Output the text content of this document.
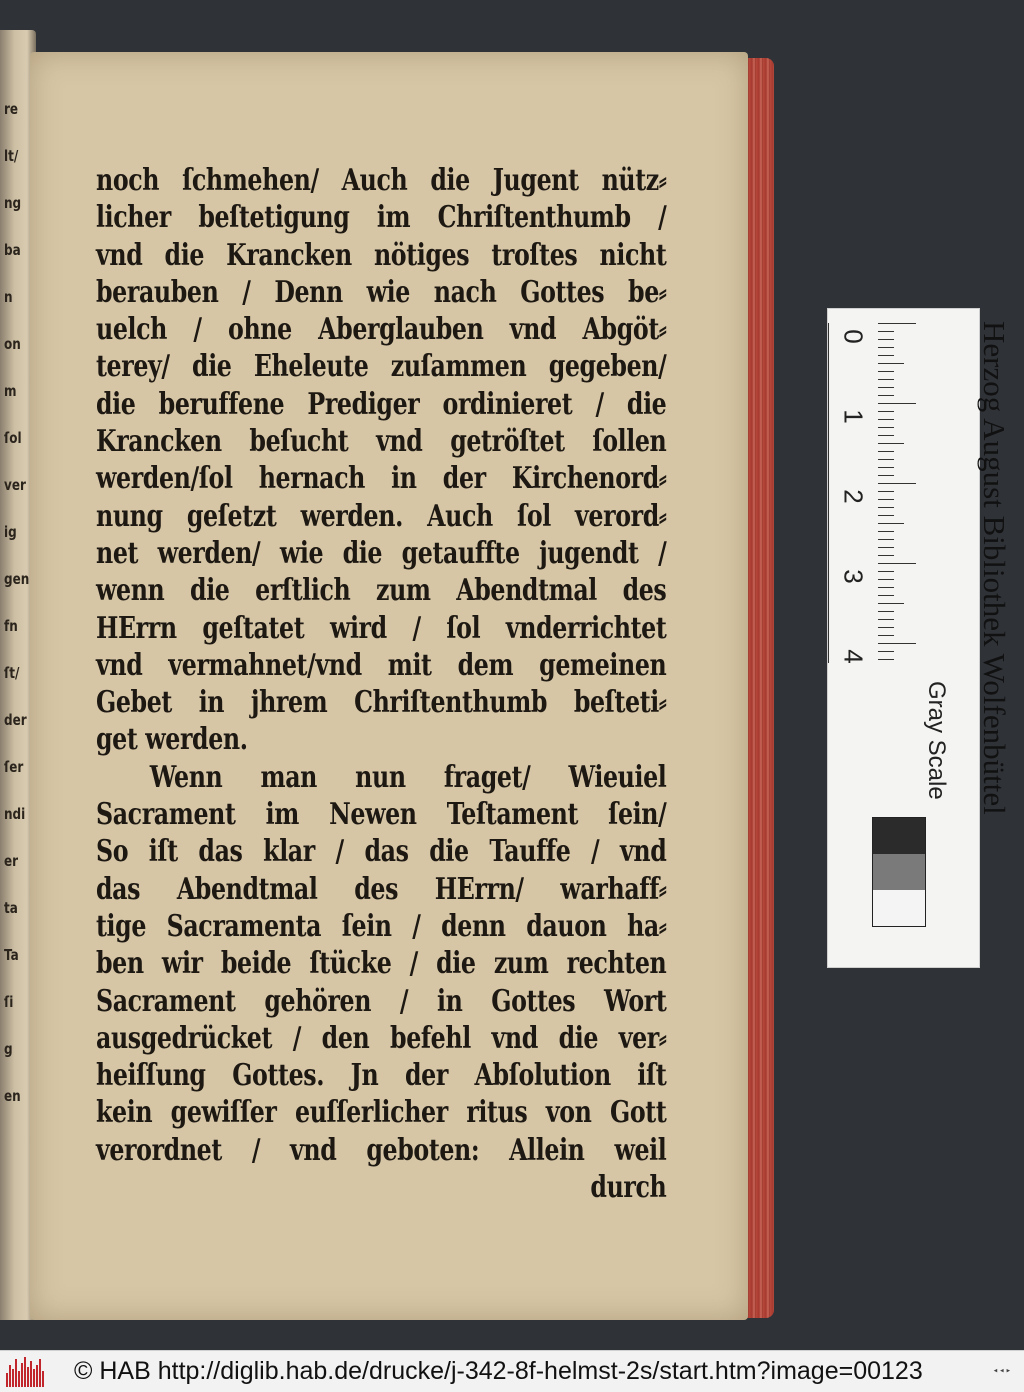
re
lt/
ng
ba
n
on
m
ſol
ver
ig
gen
fn
ſt/
der
ſer
ndi
er
ta
Ta
ſi
g
en
noch ſchmehen/ Auch die Jugent nütz⸗
licher beſtetigung im Chriſtenthumb /
vnd die Krancken nötiges troſtes nicht
berauben / Denn wie nach Gottes be⸗
uelch / ohne Aberglauben vnd Abgöt⸗
terey/ die Eheleute zuſammen gegeben/
die beruffene Prediger ordinieret / die
Krancken beſucht vnd getröſtet ſollen
werden/ſol hernach in der Kirchenord⸗
nung geſetzt werden. Auch ſol verord⸗
net werden/ wie die getauffte jugendt /
wenn die erſtlich zum Abendtmal des
HErrn geſtatet wird / ſol vnderrichtet
vnd vermahnet/vnd mit dem gemeinen
Gebet in jhrem Chriſtenthumb beſteti⸗
get werden.
Wenn man nun fraget/ Wieuiel
Sacrament im Newen Teſtament ſein/
So iſt das klar / das die Tauffe / vnd
das Abendtmal des HErrn/ warhaff⸗
tige Sacramenta ſein / denn dauon ha⸗
ben wir beide ſtücke / die zum rechten
Sacrament gehören / in Gottes Wort
ausgedrücket / den befehl vnd die ver⸗
heiſſung Gottes. Jn der Abſolution iſt
kein gewiſſer euſſerlicher ritus von Gott
verordnet / vnd geboten: Allein weil
durch
0
1
2
3
4	Herzog August Bibliothek Wolfenbüttel
Gray Scale
© HAB http://diglib.hab.de/drucke/j-342-8f-helmst-2s/start.htm?image=00123	◂◂▸
